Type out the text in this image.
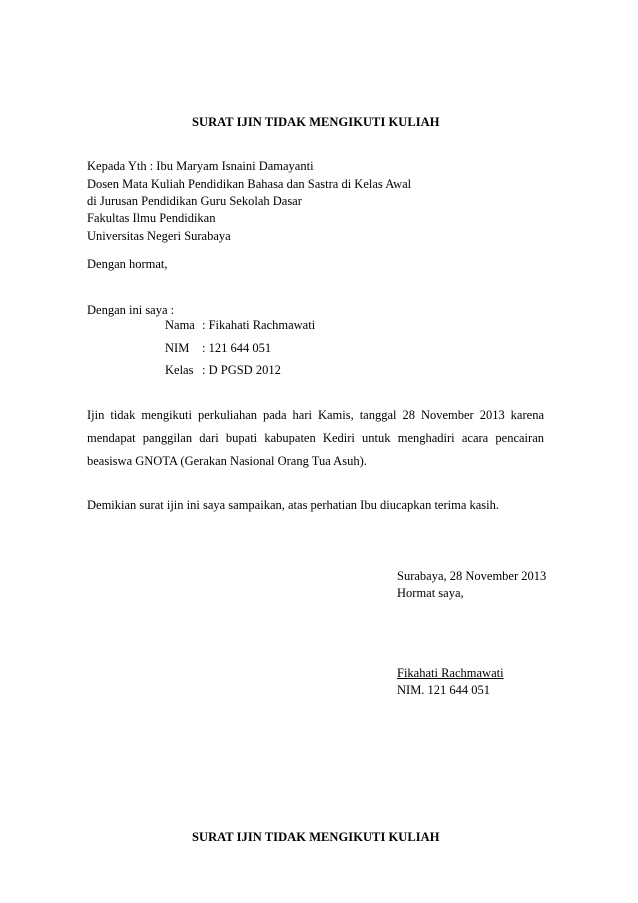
SURAT IJIN TIDAK MENGIKUTI KULIAH
Kepada Yth : Ibu Maryam Isnaini Damayanti
Dosen Mata Kuliah Pendidikan Bahasa dan Sastra di Kelas Awal
di Jurusan Pendidikan Guru Sekolah Dasar
Fakultas Ilmu Pendidikan
Universitas Negeri Surabaya
Dengan hormat,
Dengan ini saya :
Nama : Fikahati Rachmawati
NIM : 121 644 051
Kelas : D PGSD 2012
Ijin tidak mengikuti perkuliahan pada hari Kamis, tanggal 28 November 2013 karena
mendapat panggilan dari bupati kabupaten Kediri untuk menghadiri acara pencairan
beasiswa GNOTA (Gerakan Nasional Orang Tua Asuh).
Demikian surat ijin ini saya sampaikan, atas perhatian Ibu diucapkan terima kasih.
Surabaya, 28 November 2013
Hormat saya,
Fikahati Rachmawati
NIM. 121 644 051
SURAT IJIN TIDAK MENGIKUTI KULIAH
